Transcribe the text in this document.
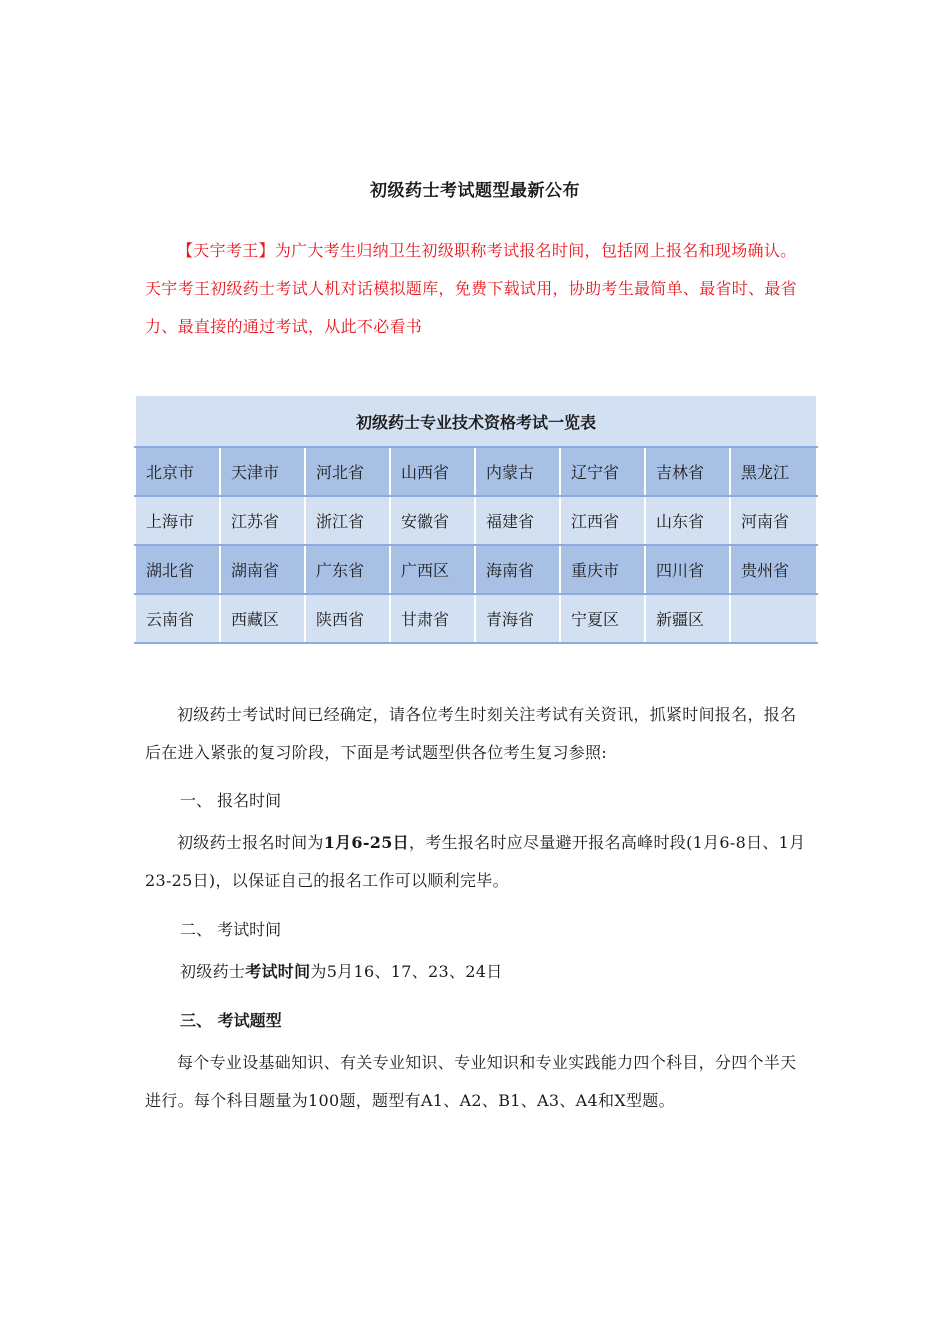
初级药士考试题型最新公布
【天宇考王】为广大考生归纳卫生初级职称考试报名时间，包括网上报名和现场确认。天宇考王初级药士考试人机对话模拟题库，免费下载试用，协助考生最简单、最省时、最省力、最直接的通过考试，从此不必看书
初级药士专业技术资格考试一览表							
北京市	天津市	河北省	山西省	内蒙古	辽宁省	吉林省	黑龙江
上海市	江苏省	浙江省	安徽省	福建省	江西省	山东省	河南省
湖北省	湖南省	广东省	广西区	海南省	重庆市	四川省	贵州省
云南省	西藏区	陕西省	甘肃省	青海省	宁夏区	新疆区	
初级药士考试时间已经确定，请各位考生时刻关注考试有关资讯，抓紧时间报名，报名后在进入紧张的复习阶段，下面是考试题型供各位考生复习参照:
一、 报名时间
初级药士报名时间为1月6-25日，考生报名时应尽量避开报名高峰时段(1月6-8日、1月23-25日)，以保证自己的报名工作可以顺利完毕。
二、 考试时间
初级药士考试时间为5月16、17、23、24日
三、 考试题型
每个专业设基础知识、有关专业知识、专业知识和专业实践能力四个科目，分四个半天进行。每个科目题量为100题，题型有A1、A2、B1、A3、A4和X型题。
